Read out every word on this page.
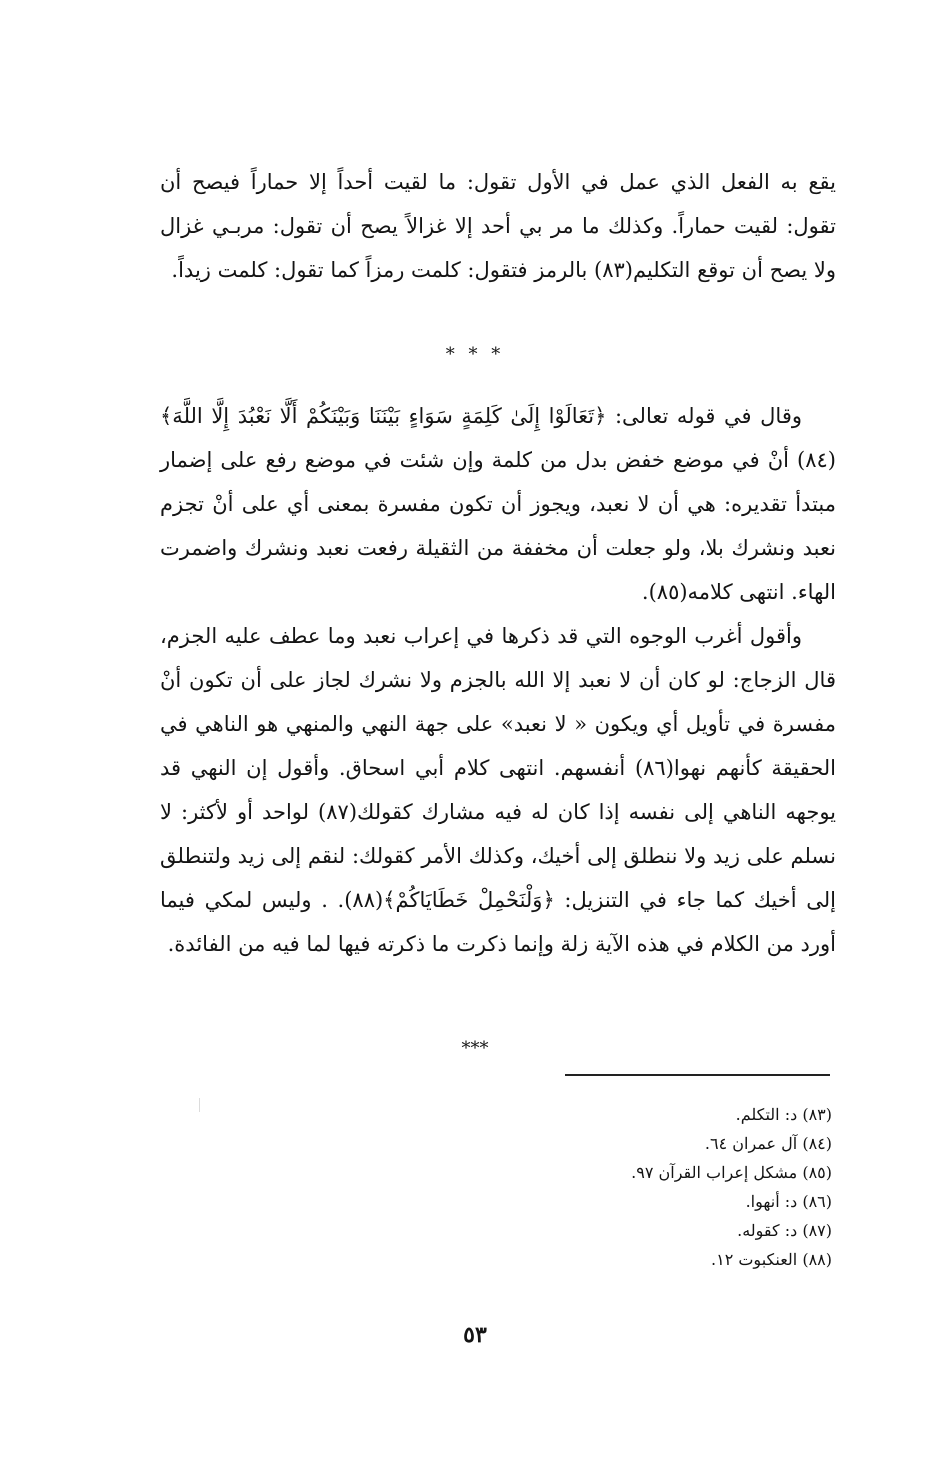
يقع به الفعل الذي عمل في الأول تقول: ما لقيت أحداً إلا حماراً فيصح أن تقول: لقيت حماراً. وكذلك ما مر بي أحد إلا غزالاً يصح أن تقول: مربـي غزال ولا يصح أن توقع التكليم(٨٣) بالرمز فتقول: كلمت رمزاً كما تقول: كلمت زيداً.

* * *

وقال في قوله تعالى: ﴿تَعَالَوْا إِلَىٰ كَلِمَةٍ سَوَاءٍ بَيْنَنَا وَبَيْنَكُمْ أَلَّا نَعْبُدَ إِلَّا اللَّهَ﴾(٨٤) أنْ في موضع خفض بدل من كلمة وإن شئت في موضع رفع على إضمار مبتدأ تقديره: هي أن لا نعبد، ويجوز أن تكون مفسرة بمعنى أي على أنْ تجزم نعبد ونشرك بلا، ولو جعلت أن مخففة من الثقيلة رفعت نعبد ونشرك واضمرت الهاء. انتهى كلامه(٨٥).

وأقول أغرب الوجوه التي قد ذكرها في إعراب نعبد وما عطف عليه الجزم، قال الزجاج: لو كان أن لا نعبد إلا الله بالجزم ولا نشرك لجاز على أن تكون أنْ مفسرة في تأويل أي ويكون « لا نعبد» على جهة النهي والمنهي هو الناهي في الحقيقة كأنهم نهوا(٨٦) أنفسهم. انتهى كلام أبي اسحاق. وأقول إن النهي قد يوجهه الناهي إلى نفسه إذا كان له فيه مشارك كقولك(٨٧) لواحد أو لأكثر: لا نسلم على زيد ولا ننطلق إلى أخيك، وكذلك الأمر كقولك: لنقم إلى زيد ولتنطلق إلى أخيك كما جاء في التنزيل: ﴿وَلْنَحْمِلْ خَطَايَاكُمْ﴾(٨٨). . وليس لمكي فيما أورد من الكلام في هذه الآية زلة وإنما ذكرت ما ذكرته فيها لما فيه من الفائدة.

***
(٨٣) د: التكلم.
(٨٤) آل عمران ٦٤.
(٨٥) مشكل إعراب القرآن ٩٧.
(٨٦) د: أنهوا.
(٨٧) د: كقوله.
(٨٨) العنكبوت ١٢.
٥٣
